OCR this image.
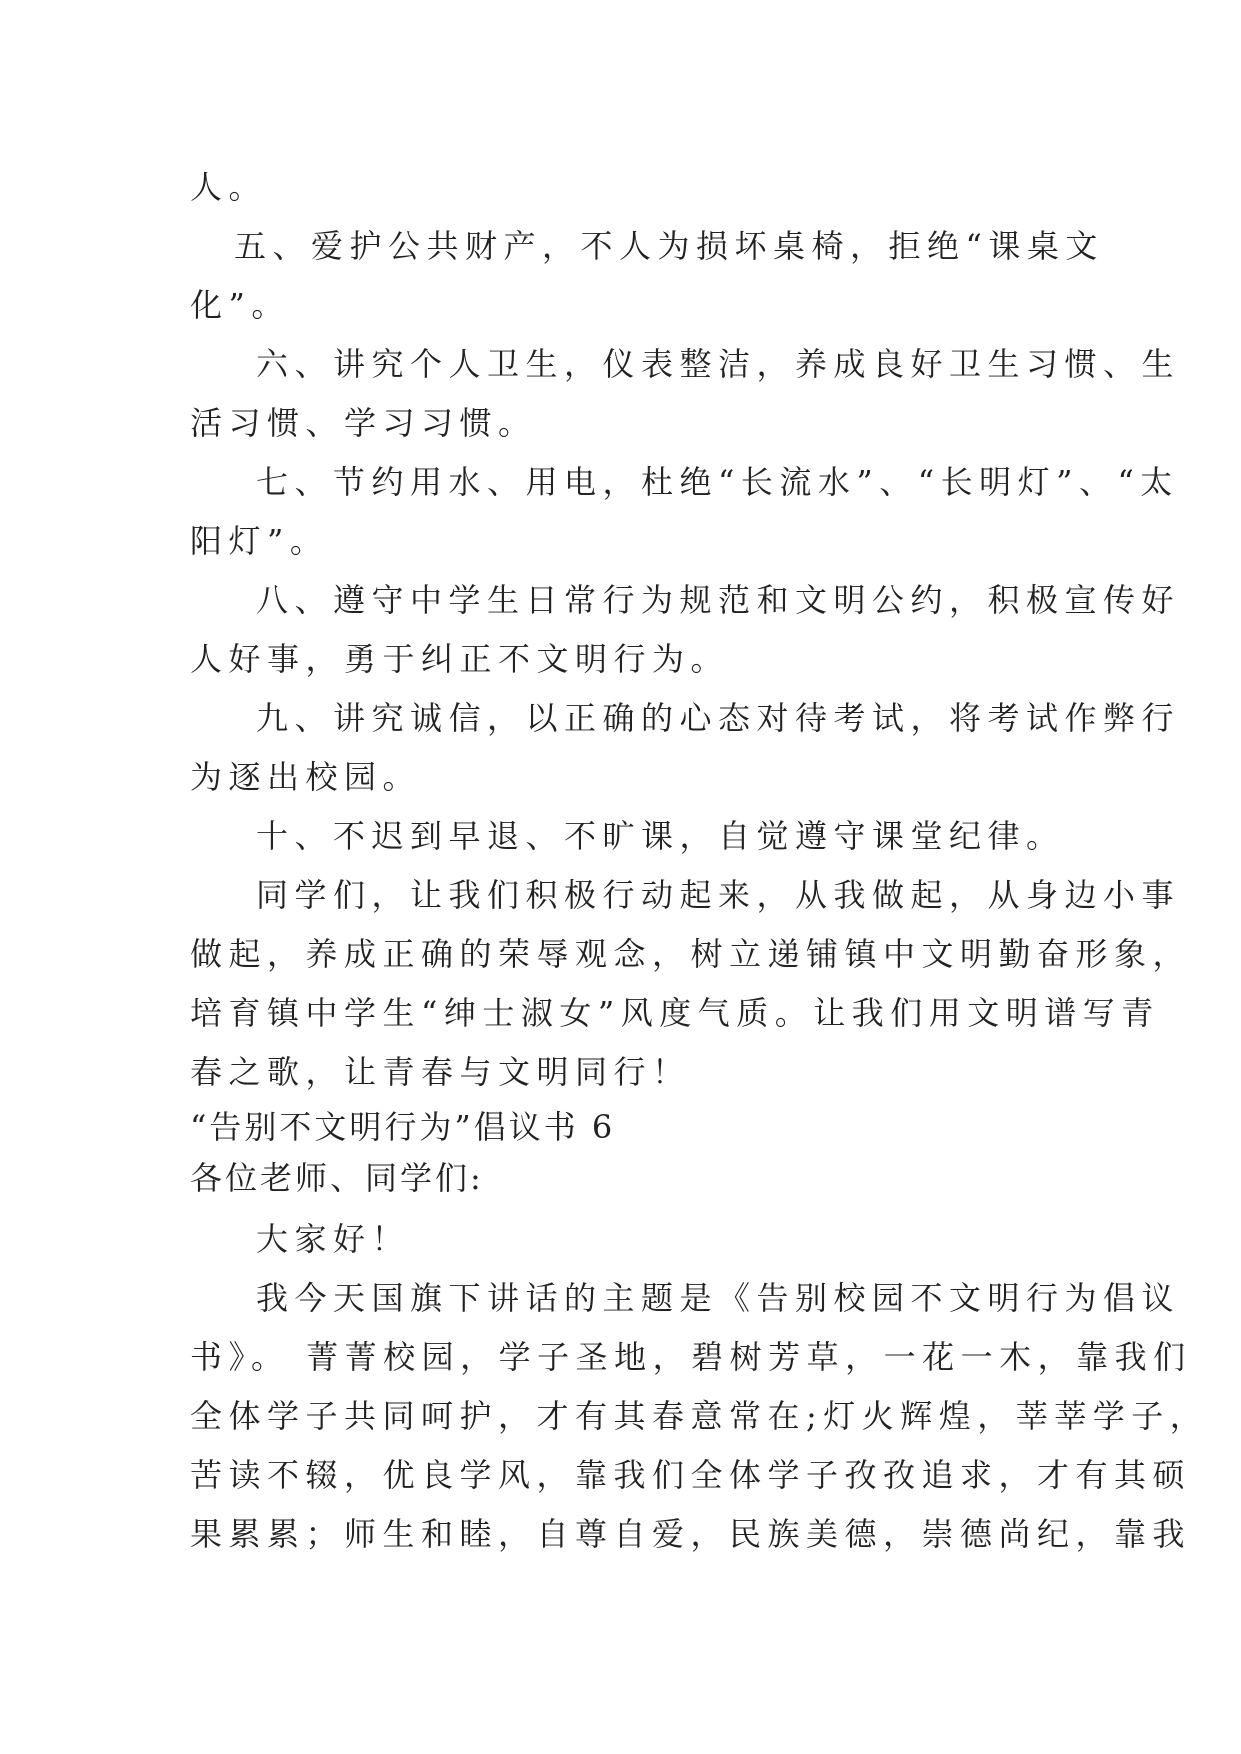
人。
五、爱护公共财产，不人为损坏桌椅，拒绝“课桌文
化”。
六、讲究个人卫生，仪表整洁，养成良好卫生习惯、生
活习惯、学习习惯。
七、节约用水、用电，杜绝“长流水”、“长明灯”、“太
阳灯”。
八、遵守中学生日常行为规范和文明公约，积极宣传好
人好事，勇于纠正不文明行为。
九、讲究诚信，以正确的心态对待考试，将考试作弊行
为逐出校园。
十、不迟到早退、不旷课，自觉遵守课堂纪律。
同学们，让我们积极行动起来，从我做起，从身边小事
做起，养成正确的荣辱观念，树立递铺镇中文明勤奋形象，
培育镇中学生“绅士淑女”风度气质。让我们用文明谱写青
春之歌，让青春与文明同行！
“告别不文明行为”倡议书 6
各位老师、同学们:
大家好！
我今天国旗下讲话的主题是《告别校园不文明行为倡议
书》。 菁菁校园，学子圣地，碧树芳草，一花一木，靠我们
全体学子共同呵护，才有其春意常在;灯火辉煌，莘莘学子，
苦读不辍，优良学风，靠我们全体学子孜孜追求，才有其硕
果累累；师生和睦，自尊自爱，民族美德，崇德尚纪，靠我
